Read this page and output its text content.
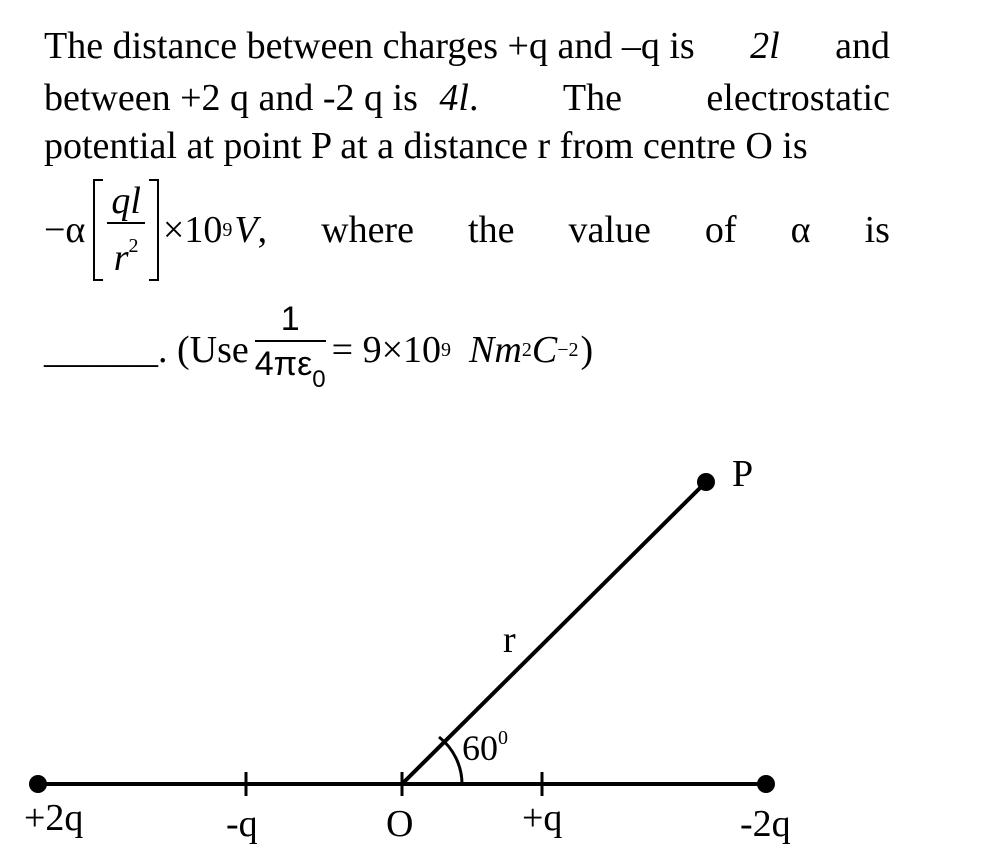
The distance between charges +q and –q is 2l and
between +2 q and -2 q is 4l. The electrostatic
potential at point P at a distance r from centre O is
$-\alpha \frac{ql}{r^2} \times 10$ 9 V , where the value of α is
______ . ($Use \frac{1}{4\pi\varepsilon_0} = 9\times 10$ 9 Nm 2 C −2 )
P
r
$60^0$
+2q	-q	O	+q	-2q
